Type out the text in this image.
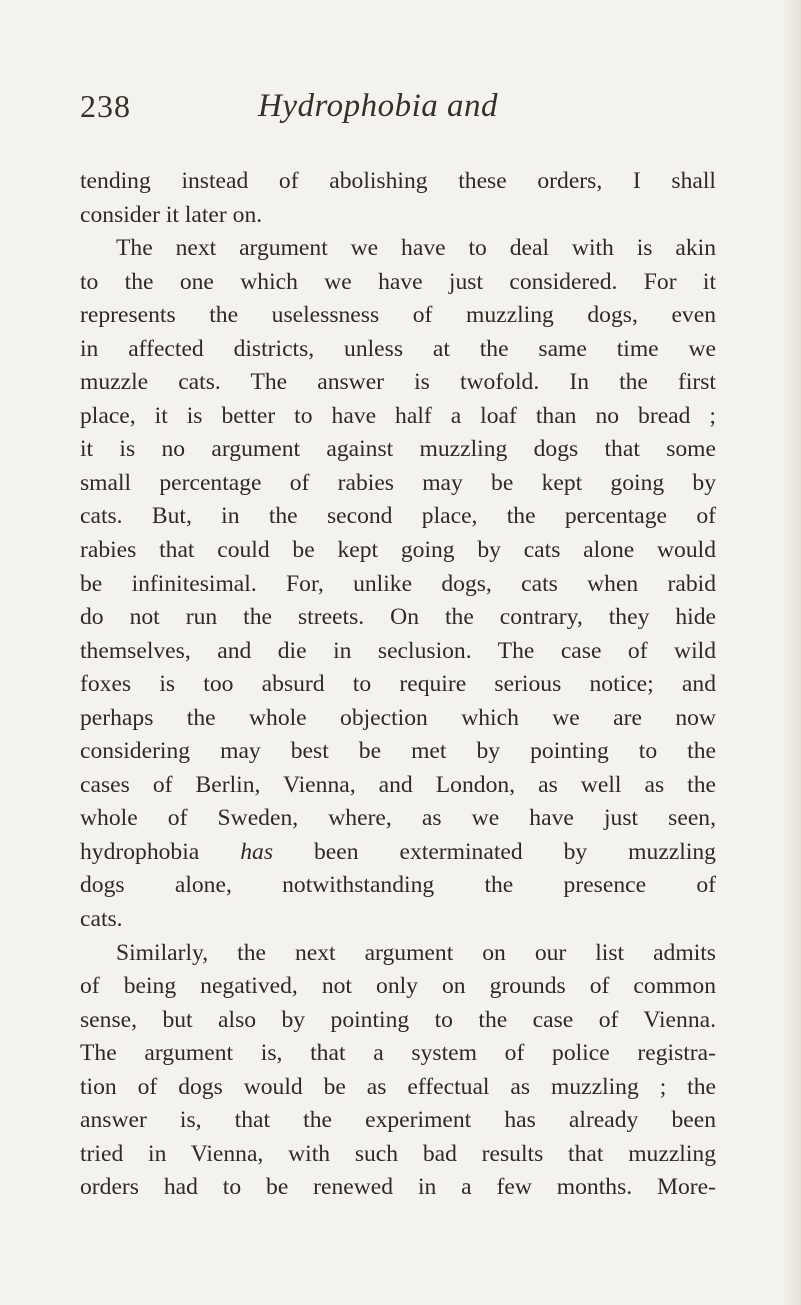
238	Hydrophobia and
tending instead of abolishing these orders, I shall
consider it later on.
The next argument we have to deal with is akin
to the one which we have just considered. For it
represents the uselessness of muzzling dogs, even
in affected districts, unless at the same time we
muzzle cats. The answer is twofold. In the first
place, it is better to have half a loaf than no bread ;
it is no argument against muzzling dogs that some
small percentage of rabies may be kept going by
cats. But, in the second place, the percentage of
rabies that could be kept going by cats alone would
be infinitesimal. For, unlike dogs, cats when rabid
do not run the streets. On the contrary, they hide
themselves, and die in seclusion. The case of wild
foxes is too absurd to require serious notice; and
perhaps the whole objection which we are now
considering may best be met by pointing to the
cases of Berlin, Vienna, and London, as well as the
whole of Sweden, where, as we have just seen,
hydrophobia has been exterminated by muzzling
dogs alone, notwithstanding the presence of
cats.
Similarly, the next argument on our list admits
of being negatived, not only on grounds of common
sense, but also by pointing to the case of Vienna.
The argument is, that a system of police registra-
tion of dogs would be as effectual as muzzling ; the
answer is, that the experiment has already been
tried in Vienna, with such bad results that muzzling
orders had to be renewed in a few months. More-
